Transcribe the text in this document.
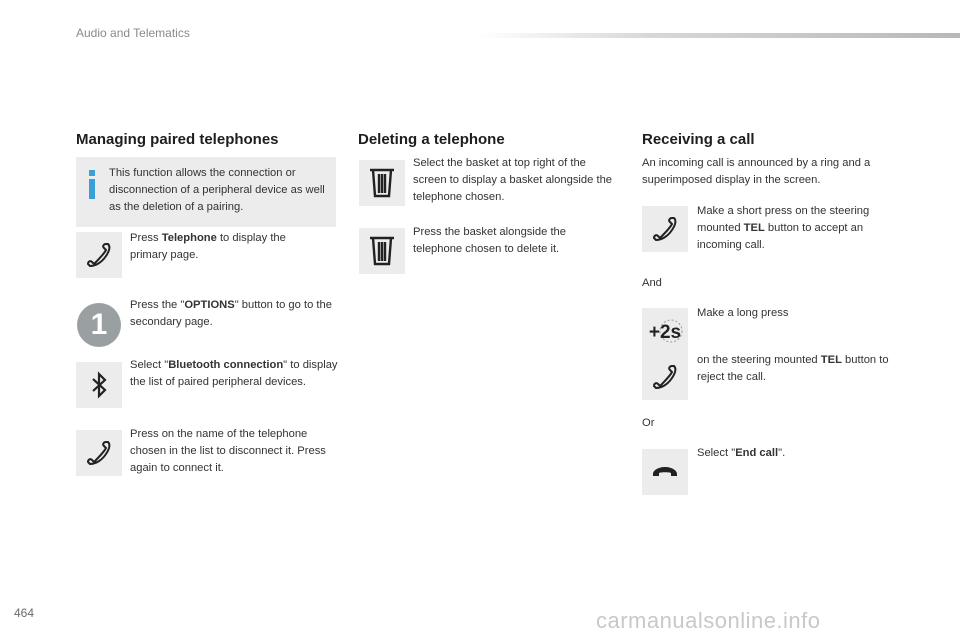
Audio and Telematics
Managing paired telephones
This function allows the connection or disconnection of a peripheral device as well as the deletion of a pairing.
Press Telephone to display the primary page.
1
Press the "OPTIONS" button to go to the secondary page.
Select "Bluetooth connection" to display the list of paired peripheral devices.
Press on the name of the telephone chosen in the list to disconnect it. Press again to connect it.
Deleting a telephone
Select the basket at top right of the screen to display a basket alongside the telephone chosen.
Press the basket alongside the telephone chosen to delete it.
Receiving a call
An incoming call is announced by a ring and a superimposed display in the screen.
Make a short press on the steering mounted TEL button to accept an incoming call.
And
Make a long press
+2s
on the steering mounted TEL button to reject the call.
Or
Select "End call".
464	carmanualsonline.info
